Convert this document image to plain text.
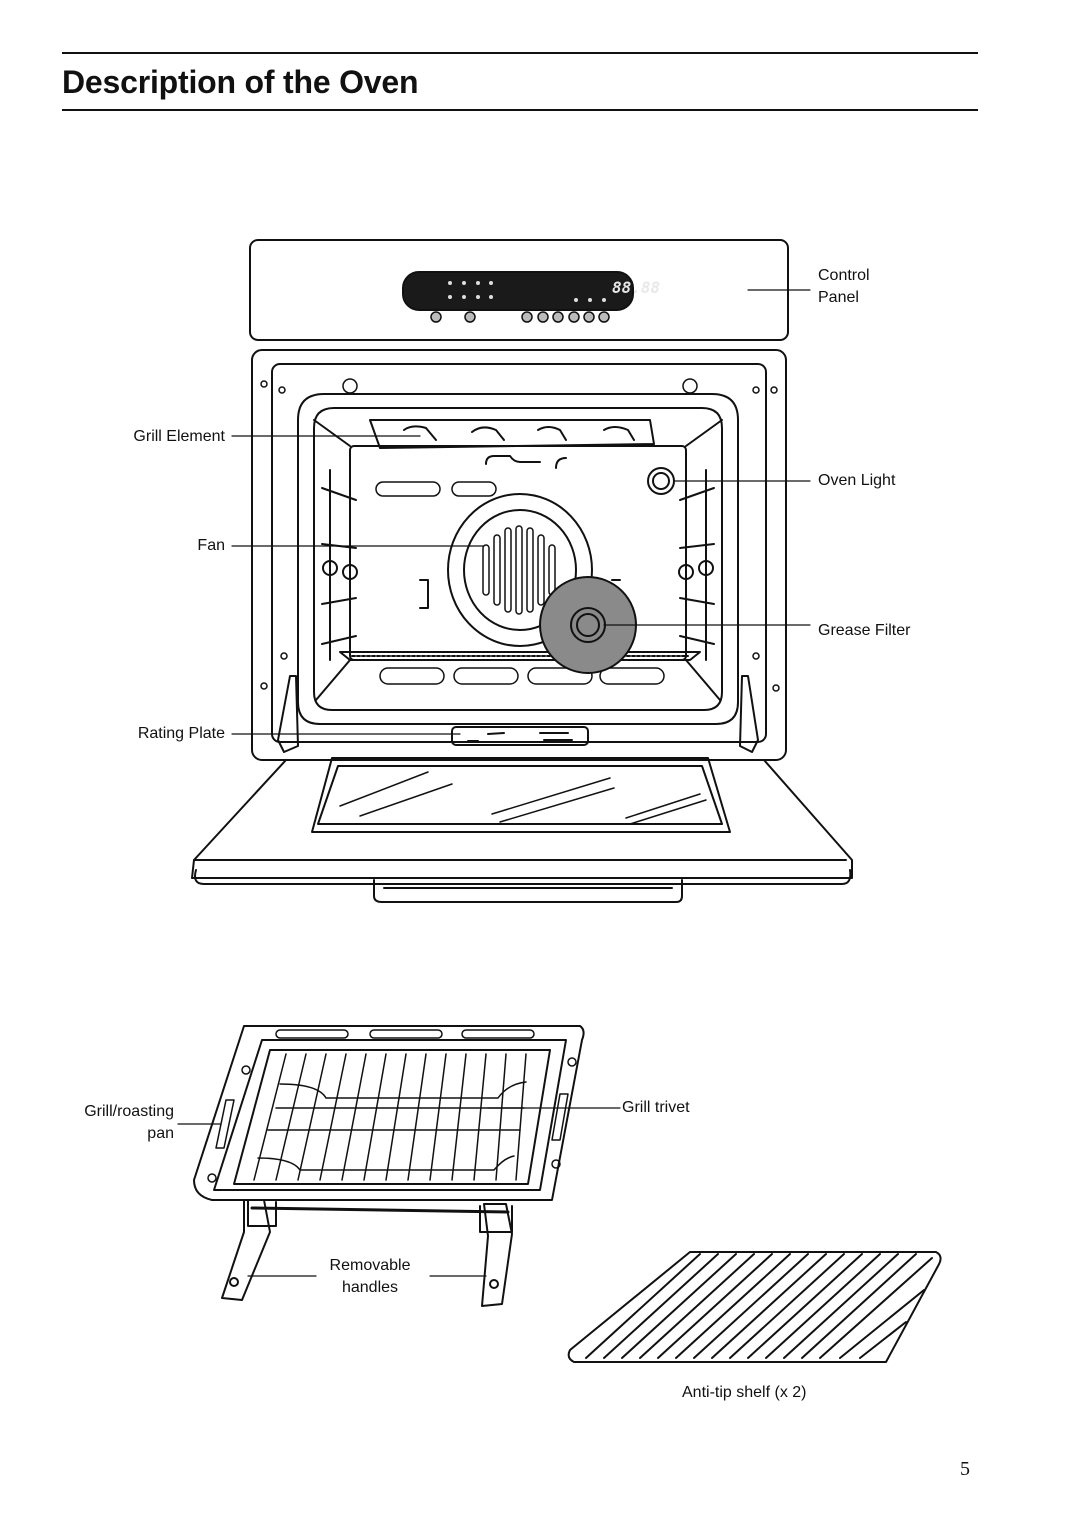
Description of the Oven
88.88
Control
Panel
Grill Element
Oven Light
Fan
Grease Filter
Rating Plate
Grill/roasting
pan
Grill trivet
Removable
handles
Anti-tip shelf (x 2)
5
